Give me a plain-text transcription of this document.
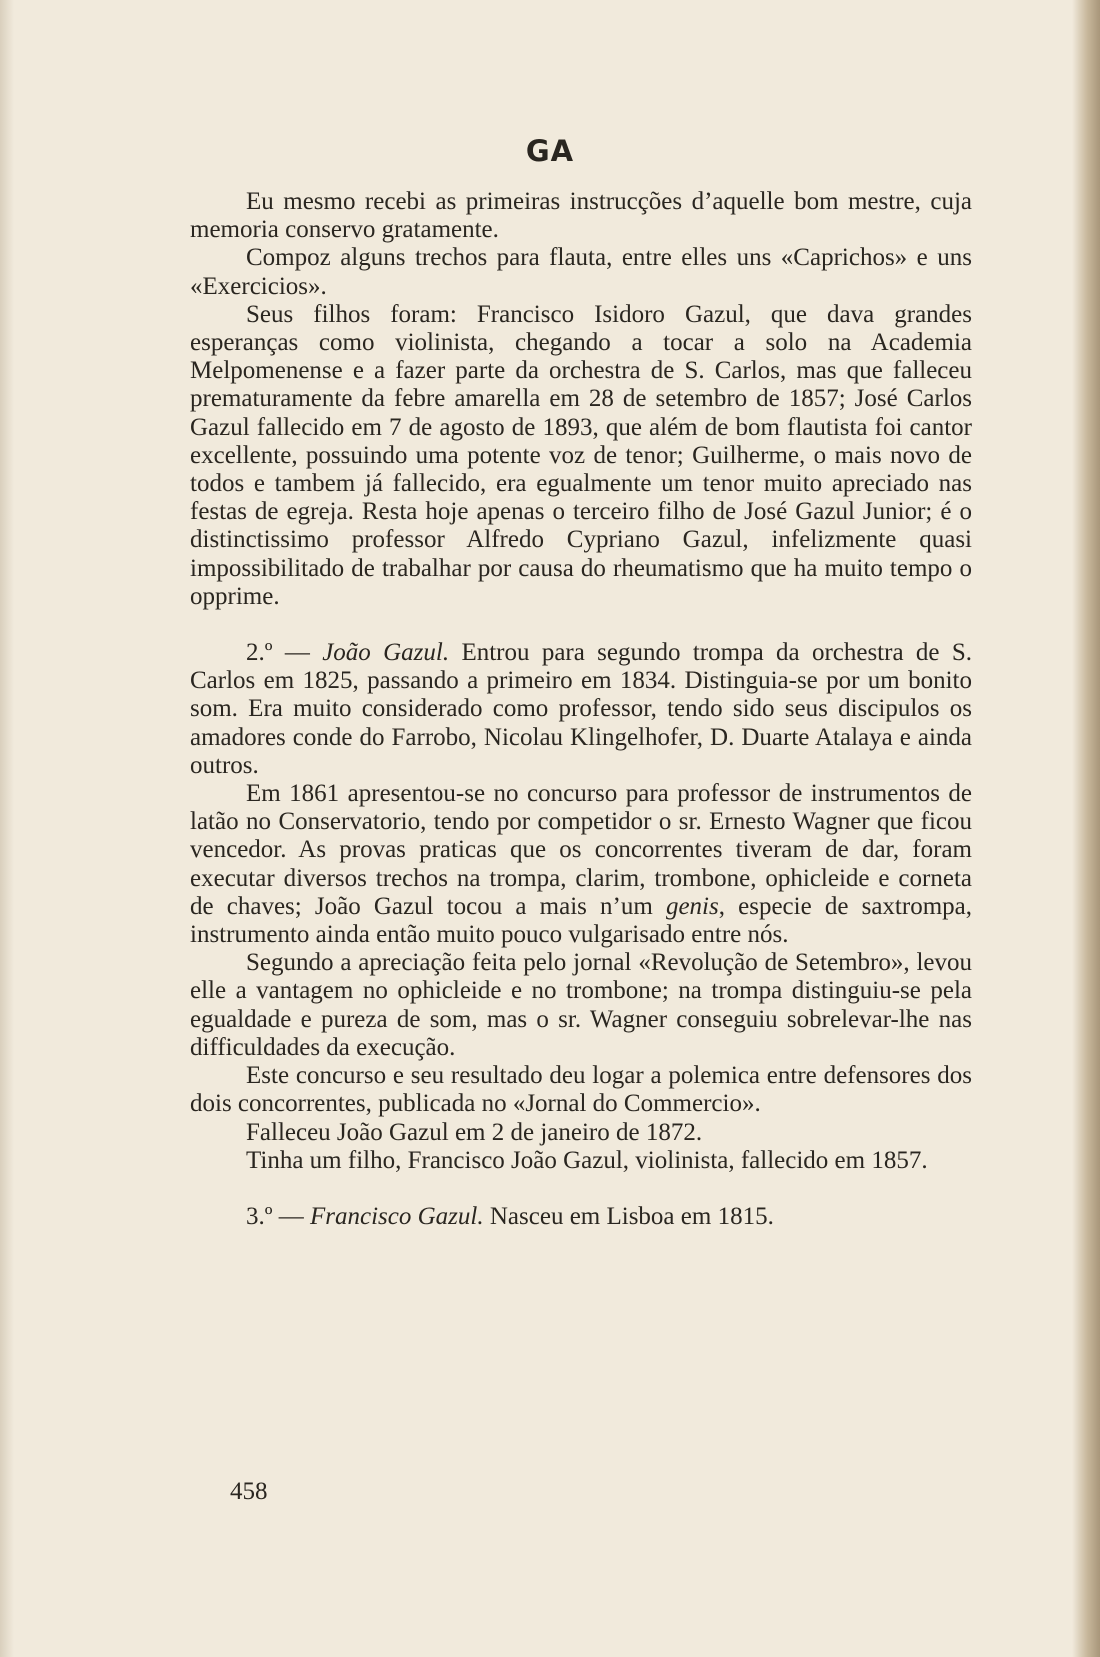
GA

Eu mesmo recebi as primeiras instrucções d’aquelle bom mestre, cuja memoria conservo gratamente.

Compoz alguns trechos para flauta, entre elles uns «Caprichos» e uns «Exercicios».

Seus filhos foram: Francisco Isidoro Gazul, que dava grandes esperanças como violinista, chegando a tocar a solo na Academia Melpomenense e a fazer parte da orchestra de S. Carlos, mas que falleceu prematuramente da febre amarella em 28 de setembro de 1857; José Carlos Gazul fallecido em 7 de agosto de 1893, que além de bom flautista foi cantor excellente, possuindo uma potente voz de tenor; Guilherme, o mais novo de todos e tambem já fallecido, era egualmente um tenor muito apreciado nas festas de egreja. Resta hoje apenas o terceiro filho de José Gazul Junior; é o distinctissimo professor Alfredo Cypriano Gazul, infelizmente quasi impossibilitado de trabalhar por causa do rheumatismo que ha muito tempo o opprime.

2.º — João Gazul. Entrou para segundo trompa da orchestra de S. Carlos em 1825, passando a primeiro em 1834. Distinguia-se por um bonito som. Era muito considerado como professor, tendo sido seus discipulos os amadores conde do Farrobo, Nicolau Klingelhofer, D. Duarte Atalaya e ainda outros.

Em 1861 apresentou-se no concurso para professor de instrumentos de latão no Conservatorio, tendo por competidor o sr. Ernesto Wagner que ficou vencedor. As provas praticas que os concorrentes tiveram de dar, foram executar diversos trechos na trompa, clarim, trombone, ophicleide e corneta de chaves; João Gazul tocou a mais n’um genis, especie de saxtrompa, instrumento ainda então muito pouco vulgarisado entre nós.

Segundo a apreciação feita pelo jornal «Revolução de Setembro», levou elle a vantagem no ophicleide e no trombone; na trompa distinguiu-se pela egualdade e pureza de som, mas o sr. Wagner conseguiu sobrelevar-lhe nas difficuldades da execução.

Este concurso e seu resultado deu logar a polemica entre defensores dos dois concorrentes, publicada no «Jornal do Commercio».

Falleceu João Gazul em 2 de janeiro de 1872.

Tinha um filho, Francisco João Gazul, violinista, fallecido em 1857.

3.º — Francisco Gazul. Nasceu em Lisboa em 1815.

458
